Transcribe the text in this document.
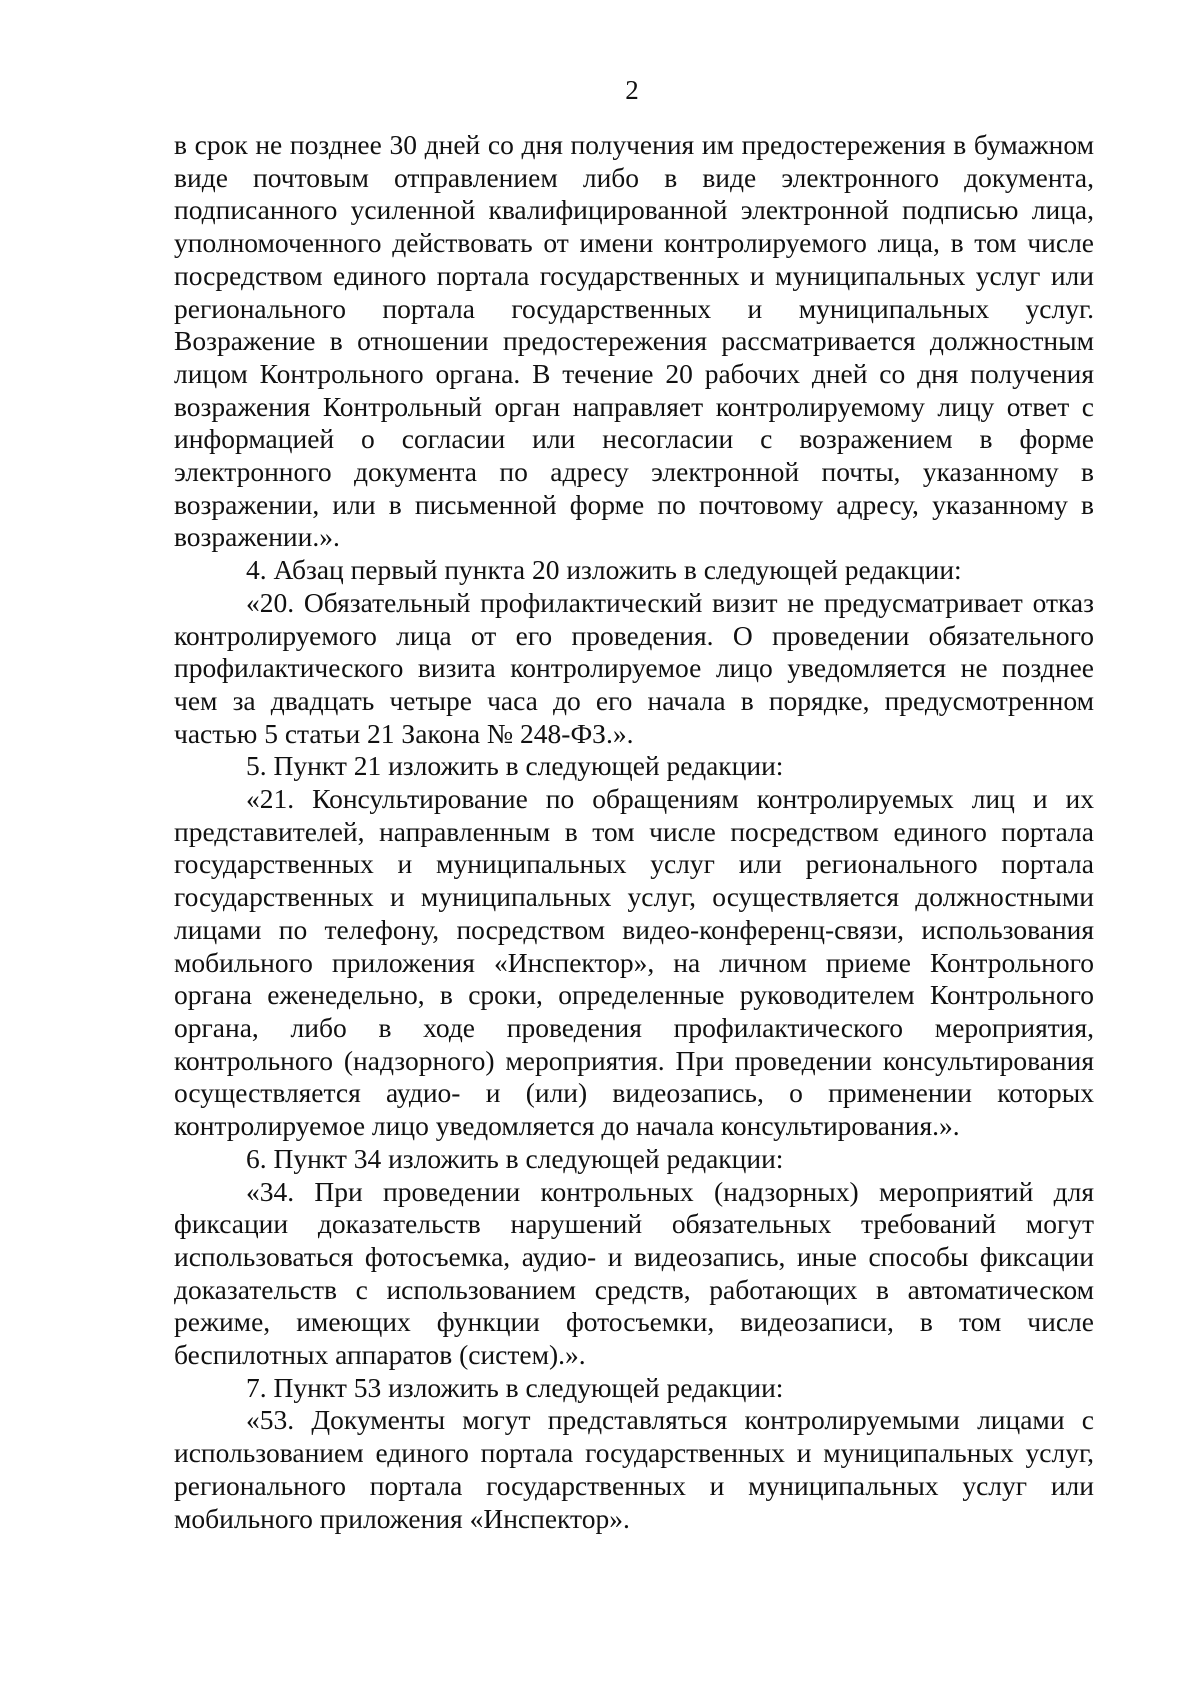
2

в срок не позднее 30 дней со дня получения им предостережения в бумажном виде почтовым отправлением либо в виде электронного документа, подписанного усиленной квалифицированной электронной подписью лица, уполномоченного действовать от имени контролируемого лица, в том числе посредством единого портала государственных и муниципальных услуг или регионального портала государственных и муниципальных услуг. Возражение в отношении предостережения рассматривается должностным лицом Контрольного органа. В течение 20 рабочих дней со дня получения возражения Контрольный орган направляет контролируемому лицу ответ с информацией о согласии или несогласии с возражением в форме электронного документа по адресу электронной почты, указанному в возражении, или в письменной форме по почтовому адресу, указанному в возражении.».

4. Абзац первый пункта 20 изложить в следующей редакции:

«20. Обязательный профилактический визит не предусматривает отказ контролируемого лица от его проведения. О проведении обязательного профилактического визита контролируемое лицо уведомляется не позднее чем за двадцать четыре часа до его начала в порядке, предусмотренном частью 5 статьи 21 Закона № 248-ФЗ.».

5. Пункт 21 изложить в следующей редакции:

«21. Консультирование по обращениям контролируемых лиц и их представителей, направленным в том числе посредством единого портала государственных и муниципальных услуг или регионального портала государственных и муниципальных услуг, осуществляется должностными лицами по телефону, посредством видео-конференц-связи, использования мобильного приложения «Инспектор», на личном приеме Контрольного органа еженедельно, в сроки, определенные руководителем Контрольного органа, либо в ходе проведения профилактического мероприятия, контрольного (надзорного) мероприятия. При проведении консультирования осуществляется аудио- и (или) видеозапись, о применении которых контролируемое лицо уведомляется до начала консультирования.».

6. Пункт 34 изложить в следующей редакции:

«34. При проведении контрольных (надзорных) мероприятий для фиксации доказательств нарушений обязательных требований могут использоваться фотосъемка, аудио- и видеозапись, иные способы фиксации доказательств с использованием средств, работающих в автоматическом режиме, имеющих функции фотосъемки, видеозаписи, в том числе беспилотных аппаратов (систем).».

7. Пункт 53 изложить в следующей редакции:

«53. Документы могут представляться контролируемыми лицами с использованием единого портала государственных и муниципальных услуг, регионального портала государственных и муниципальных услуг или мобильного приложения «Инспектор».
